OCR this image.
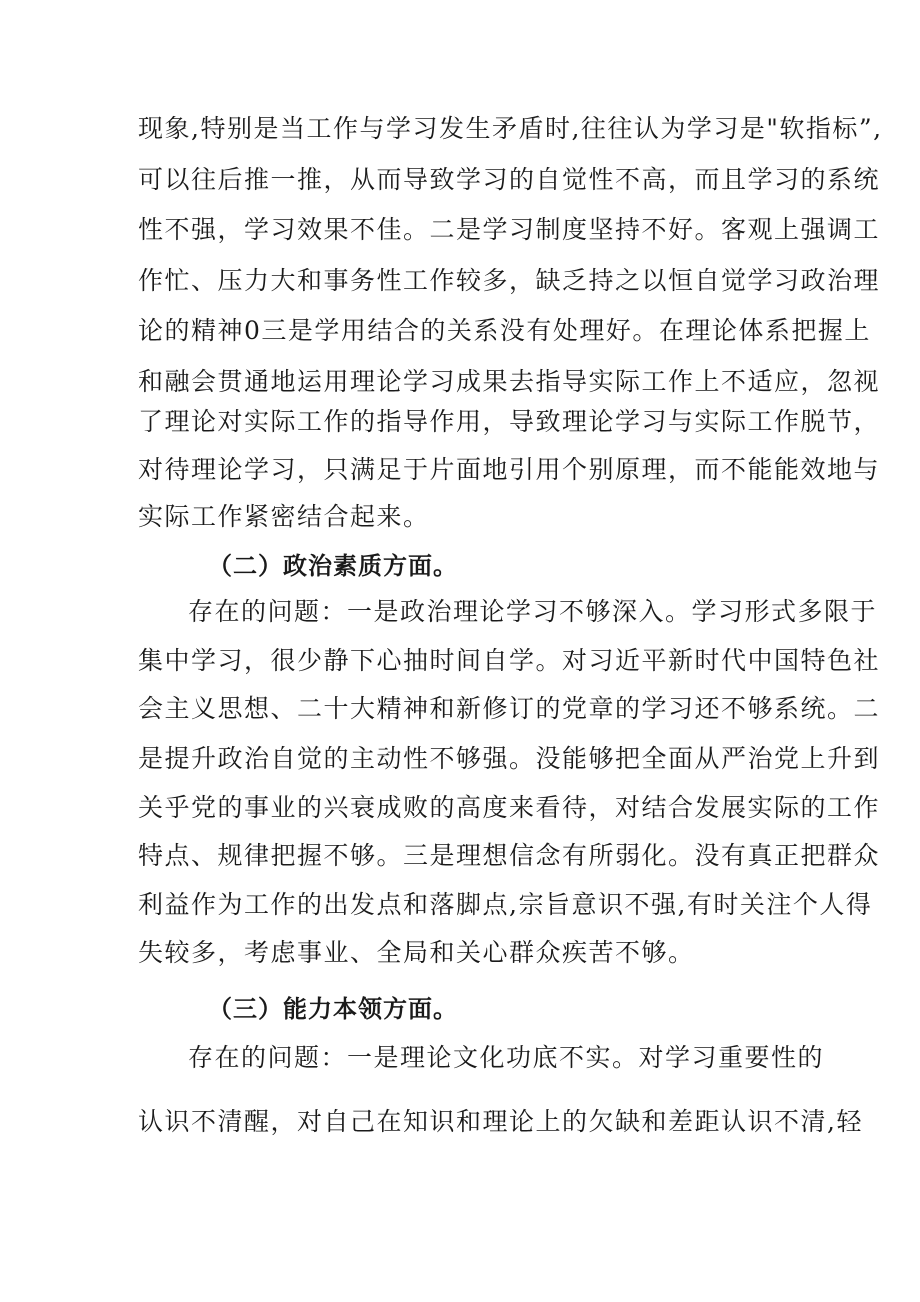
现象,特别是当工作与学习发生矛盾时,往往认为学习是"软指标”,
可以往后推一推，从而导致学习的自觉性不高，而且学习的系统
性不强，学习效果不佳。二是学习制度坚持不好。客观上强调工
作忙、压力大和事务性工作较多，缺乏持之以恒自觉学习政治理
论的精神0三是学用结合的关系没有处理好。在理论体系把握上
和融会贯通地运用理论学习成果去指导实际工作上不适应，忽视
了理论对实际工作的指导作用，导致理论学习与实际工作脱节，
对待理论学习，只满足于片面地引用个别原理，而不能能效地与
实际工作紧密结合起来。
（二）政治素质方面。
存在的问题：一是政治理论学习不够深入。学习形式多限于
集中学习，很少静下心抽时间自学。对习近平新时代中国特色社
会主义思想、二十大精神和新修订的党章的学习还不够系统。二
是提升政治自觉的主动性不够强。没能够把全面从严治党上升到
关乎党的事业的兴衰成败的高度来看待，对结合发展实际的工作
特点、规律把握不够。三是理想信念有所弱化。没有真正把群众
利益作为工作的出发点和落脚点,宗旨意识不强,有时关注个人得
失较多，考虑事业、全局和关心群众疾苦不够。
（三）能力本领方面。
存在的问题：一是理论文化功底不实。对学习重要性的
认识不清醒，对自己在知识和理论上的欠缺和差距认识不清,轻
